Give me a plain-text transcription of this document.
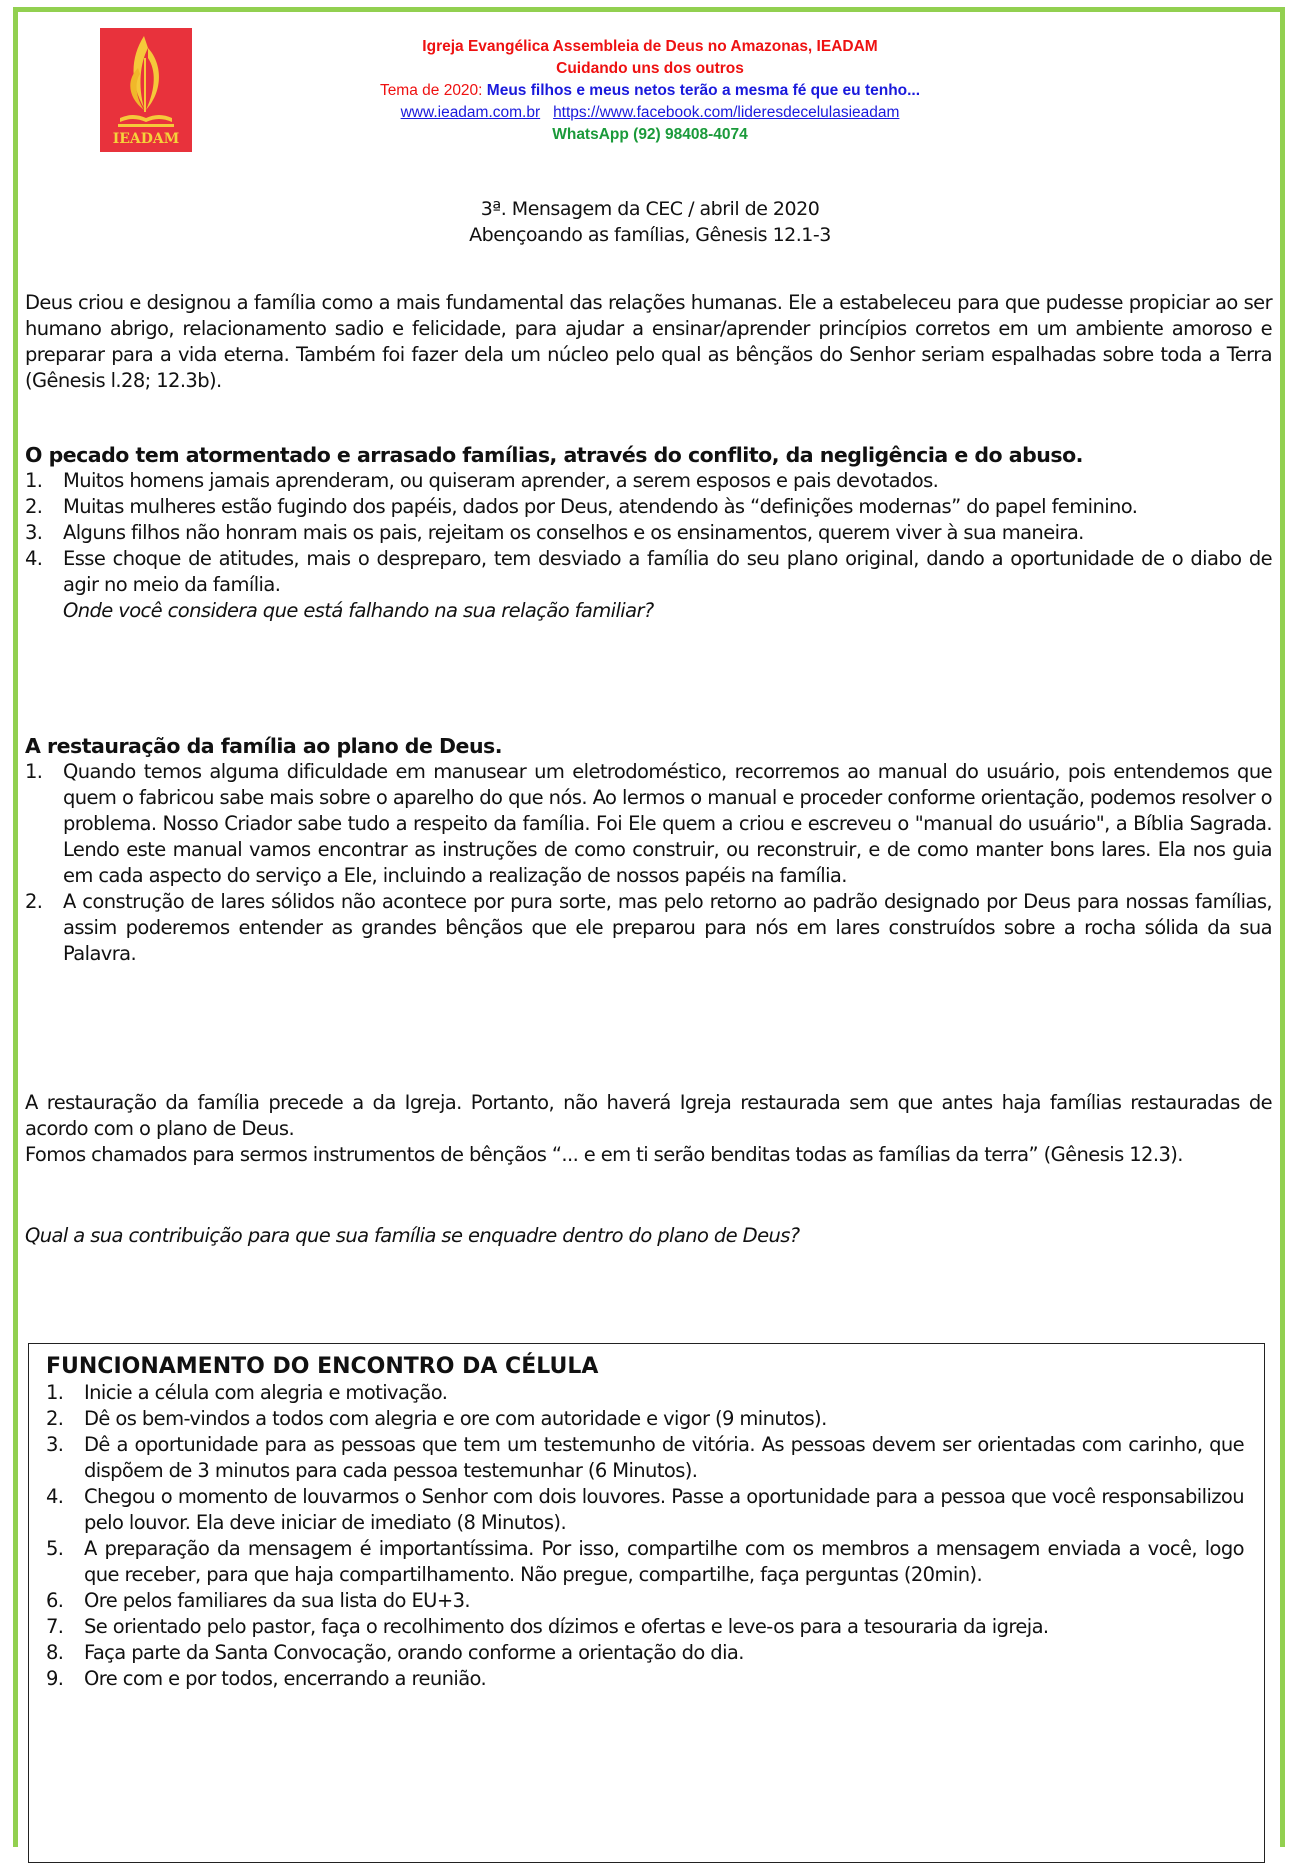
IEADAM
Igreja Evangélica Assembleia de Deus no Amazonas, IEADAM
Cuidando uns dos outros
Tema de 2020: Meus filhos e meus netos terão a mesma fé que eu tenho...
www.ieadam.com.br https://www.facebook.com/lideresdecelulasieadam
WhatsApp (92) 98408-4074
3ª. Mensagem da CEC / abril de 2020
Abençoando as famílias, Gênesis 12.1-3
Deus criou e designou a família como a mais fundamental das relações humanas. Ele a estabeleceu para que pudesse propiciar ao ser humano abrigo, relacionamento sadio e felicidade, para ajudar a ensinar/aprender princípios corretos em um ambiente amoroso e preparar para a vida eterna. Também foi fazer dela um núcleo pelo qual as bênçãos do Senhor seriam espalhadas sobre toda a Terra (Gênesis l.28; 12.3b).
O pecado tem atormentado e arrasado famílias, através do conflito, da negligência e do abuso.
1. Muitos homens jamais aprenderam, ou quiseram aprender, a serem esposos e pais devotados.
2. Muitas mulheres estão fugindo dos papéis, dados por Deus, atendendo às “definições modernas” do papel feminino.
3. Alguns filhos não honram mais os pais, rejeitam os conselhos e os ensinamentos, querem viver à sua maneira.
4. Esse choque de atitudes, mais o despreparo, tem desviado a família do seu plano original, dando a oportunidade de o diabo de agir no meio da família.
Onde você considera que está falhando na sua relação familiar?
A restauração da família ao plano de Deus.
1. Quando temos alguma dificuldade em manusear um eletrodoméstico, recorremos ao manual do usuário, pois entendemos que quem o fabricou sabe mais sobre o aparelho do que nós. Ao lermos o manual e proceder conforme orientação, podemos resolver o problema. Nosso Criador sabe tudo a respeito da família. Foi Ele quem a criou e escreveu o "manual do usuário", a Bíblia Sagrada. Lendo este manual vamos encontrar as instruções de como construir, ou reconstruir, e de como manter bons lares. Ela nos guia em cada aspecto do serviço a Ele, incluindo a realização de nossos papéis na família.
2. A construção de lares sólidos não acontece por pura sorte, mas pelo retorno ao padrão designado por Deus para nossas famílias, assim poderemos entender as grandes bênçãos que ele preparou para nós em lares construídos sobre a rocha sólida da sua Palavra.
A restauração da família precede a da Igreja. Portanto, não haverá Igreja restaurada sem que antes haja famílias restauradas de acordo com o plano de Deus.
Fomos chamados para sermos instrumentos de bênçãos “... e em ti serão benditas todas as famílias da terra” (Gênesis 12.3).
Qual a sua contribuição para que sua família se enquadre dentro do plano de Deus?
FUNCIONAMENTO DO ENCONTRO DA CÉLULA
1. Inicie a célula com alegria e motivação.
2. Dê os bem-vindos a todos com alegria e ore com autoridade e vigor (9 minutos).
3. Dê a oportunidade para as pessoas que tem um testemunho de vitória. As pessoas devem ser orientadas com carinho, que dispõem de 3 minutos para cada pessoa testemunhar (6 Minutos).
4. Chegou o momento de louvarmos o Senhor com dois louvores. Passe a oportunidade para a pessoa que você responsabilizou pelo louvor. Ela deve iniciar de imediato (8 Minutos).
5. A preparação da mensagem é importantíssima. Por isso, compartilhe com os membros a mensagem enviada a você, logo que receber, para que haja compartilhamento. Não pregue, compartilhe, faça perguntas (20min).
6. Ore pelos familiares da sua lista do EU+3.
7. Se orientado pelo pastor, faça o recolhimento dos dízimos e ofertas e leve-os para a tesouraria da igreja.
8. Faça parte da Santa Convocação, orando conforme a orientação do dia.
9. Ore com e por todos, encerrando a reunião.
